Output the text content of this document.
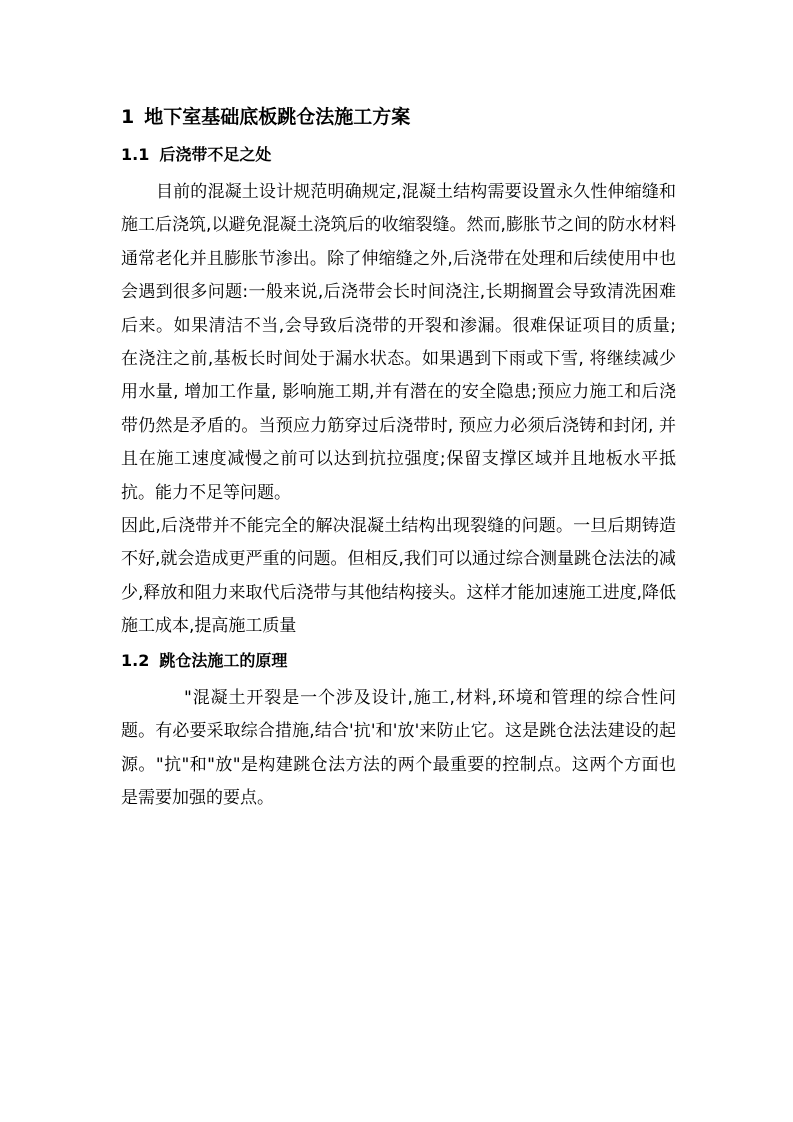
1 地下室基础底板跳仓法施工方案
1.1 后浇带不足之处

目前的混凝土设计规范明确规定,混凝土结构需要设置永久性伸缩缝和施工后浇筑,以避免混凝土浇筑后的收缩裂缝。然而,膨胀节之间的防水材料通常老化并且膨胀节渗出。除了伸缩缝之外,后浇带在处理和后续使用中也会遇到很多问题:一般来说,后浇带会长时间浇注,长期搁置会导致清洗困难后来。如果清洁不当,会导致后浇带的开裂和渗漏。很难保证项目的质量;在浇注之前,基板长时间处于漏水状态。如果遇到下雨或下雪, 将继续减少用水量, 增加工作量, 影响施工期,并有潜在的安全隐患;预应力施工和后浇带仍然是矛盾的。当预应力筋穿过后浇带时, 预应力必须后浇铸和封闭, 并且在施工速度减慢之前可以达到抗拉强度;保留支撑区域并且地板水平抵抗。能力不足等问题。

因此,后浇带并不能完全的解决混凝土结构出现裂缝的问题。一旦后期铸造不好,就会造成更严重的问题。但相反,我们可以通过综合测量跳仓法法的减少,释放和阻力来取代后浇带与其他结构接头。这样才能加速施工进度,降低施工成本,提高施工质量

1.2 跳仓法施工的原理

"混凝土开裂是一个涉及设计,施工,材料,环境和管理的综合性问题。有必要采取综合措施,结合'抗'和'放'来防止它。这是跳仓法法建设的起源。"抗"和"放"是构建跳仓法方法的两个最重要的控制点。这两个方面也是需要加强的要点。
